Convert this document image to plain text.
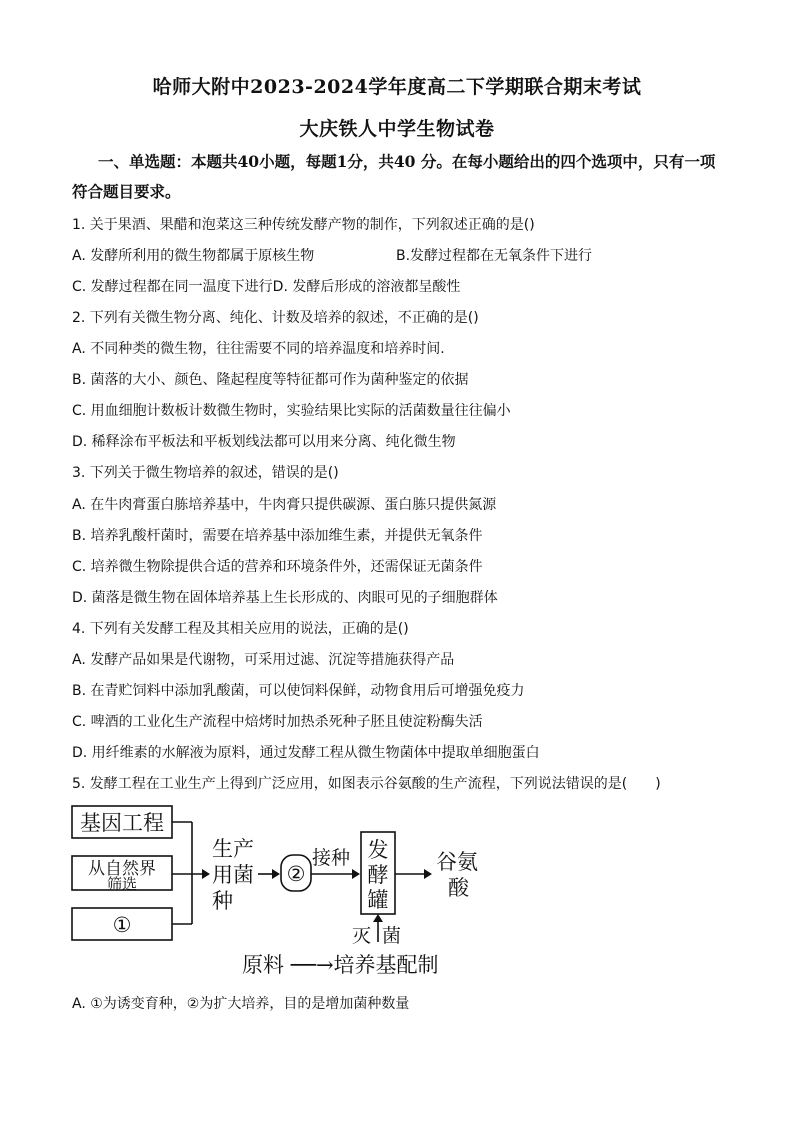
哈师大附中2023-2024学年度高二下学期联合期末考试
大庆铁人中学生物试卷
一、单选题：本题共40小题，每题1分，共40 分。在每小题给出的四个选项中，只有一项
符合题目要求。
1. 关于果酒、果醋和泡菜这三种传统发酵产物的制作，下列叙述正确的是()
A. 发酵所利用的微生物都属于原核生物	B.发酵过程都在无氧条件下进行
C. 发酵过程都在同一温度下进行D. 发酵后形成的溶液都呈酸性
2. 下列有关微生物分离、纯化、计数及培养的叙述，不正确的是()
A. 不同种类的微生物，往往需要不同的培养温度和培养时间.
B. 菌落的大小、颜色、隆起程度等特征都可作为菌种鉴定的依据
C. 用血细胞计数板计数微生物时，实验结果比实际的活菌数量往往偏小
D. 稀释涂布平板法和平板划线法都可以用来分离、纯化微生物
3. 下列关于微生物培养的叙述，错误的是()
A. 在牛肉膏蛋白胨培养基中，牛肉膏只提供碳源、蛋白胨只提供氮源
B. 培养乳酸杆菌时，需要在培养基中添加维生素，并提供无氧条件
C. 培养微生物除提供合适的营养和环境条件外，还需保证无菌条件
D. 菌落是微生物在固体培养基上生长形成的、肉眼可见的子细胞群体
4. 下列有关发酵工程及其相关应用的说法，正确的是()
A. 发酵产品如果是代谢物，可采用过滤、沉淀等措施获得产品
B. 在青贮饲料中添加乳酸菌，可以使饲料保鲜，动物食用后可增强免疫力
C. 啤酒的工业化生产流程中焙烤时加热杀死种子胚且使淀粉酶失活
D. 用纤维素的水解液为原料，通过发酵工程从微生物菌体中提取单细胞蛋白
5. 发酵工程在工业生产上得到广泛应用，如图表示谷氨酸的生产流程，下列说法错误的是(　　)
基因工程
从自然界
筛选
①
生产
用菌
种
②
接种 发
酵
罐
谷氨
酸
灭 菌
原料 ──→培养基配制
A. ①为诱变育种，②为扩大培养，目的是增加菌种数量
